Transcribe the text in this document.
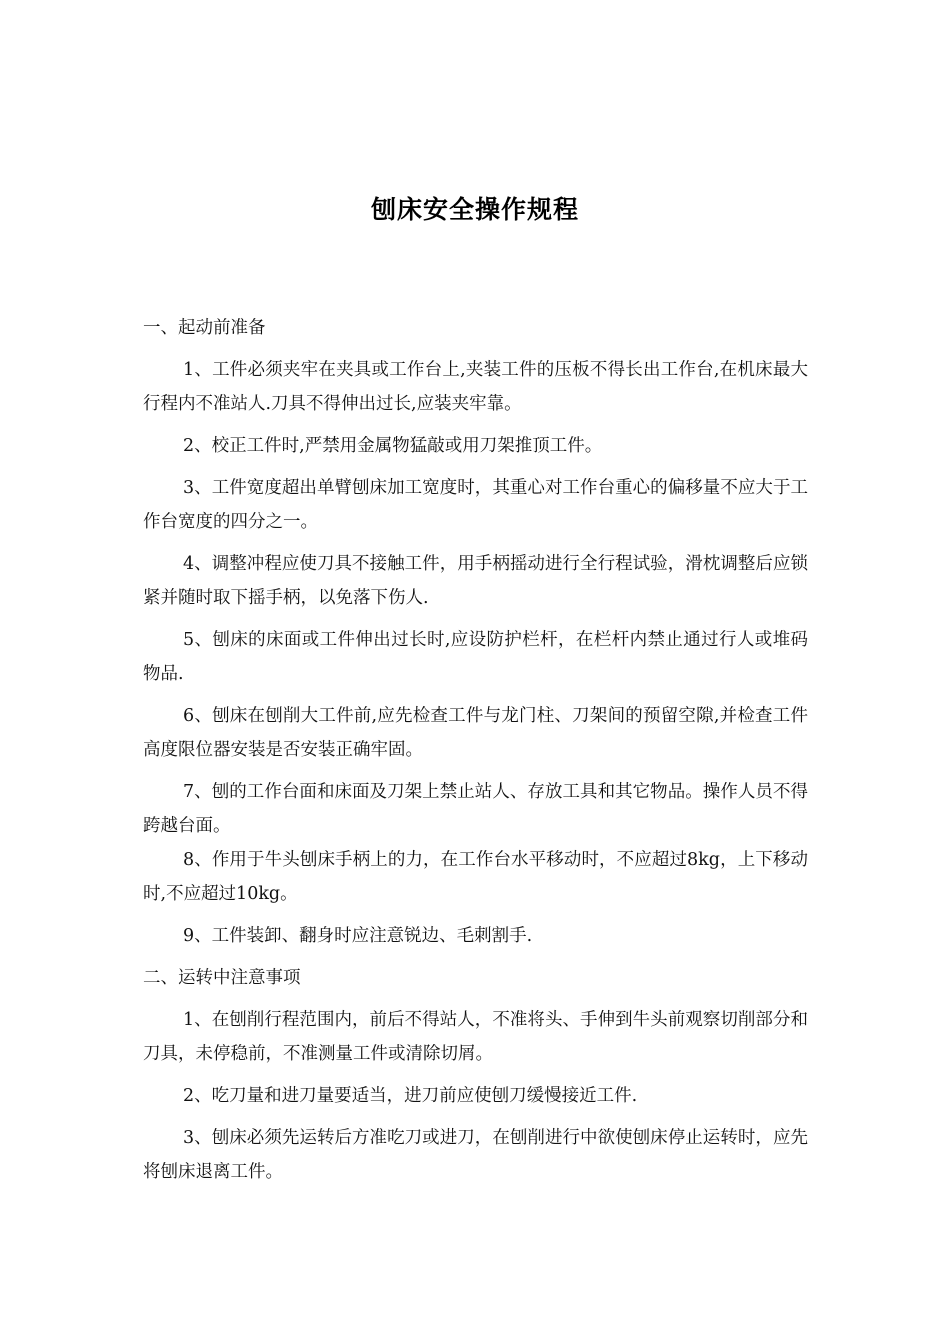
刨床安全操作规程

一、起动前准备

1、工件必须夹牢在夹具或工作台上,夹装工件的压板不得长出工作台,在机床最大行程内不准站人.刀具不得伸出过长,应装夹牢靠。

2、校正工件时,严禁用金属物猛敲或用刀架推顶工件。

3、工件宽度超出单臂刨床加工宽度时，其重心对工作台重心的偏移量不应大于工作台宽度的四分之一。

4、调整冲程应使刀具不接触工件，用手柄摇动进行全行程试验，滑枕调整后应锁紧并随时取下摇手柄，以免落下伤人.

5、刨床的床面或工件伸出过长时,应设防护栏杆，在栏杆内禁止通过行人或堆码物品.

6、刨床在刨削大工件前,应先检查工件与龙门柱、刀架间的预留空隙,并检查工件高度限位器安装是否安装正确牢固。

7、刨的工作台面和床面及刀架上禁止站人、存放工具和其它物品。操作人员不得跨越台面。

8、作用于牛头刨床手柄上的力，在工作台水平移动时，不应超过8kg，上下移动时,不应超过10kg。

9、工件装卸、翻身时应注意锐边、毛刺割手.

二、运转中注意事项

1、在刨削行程范围内，前后不得站人，不准将头、手伸到牛头前观察切削部分和刀具，未停稳前，不准测量工件或清除切屑。

2、吃刀量和进刀量要适当，进刀前应使刨刀缓慢接近工件.

3、刨床必须先运转后方准吃刀或进刀，在刨削进行中欲使刨床停止运转时，应先将刨床退离工件。
